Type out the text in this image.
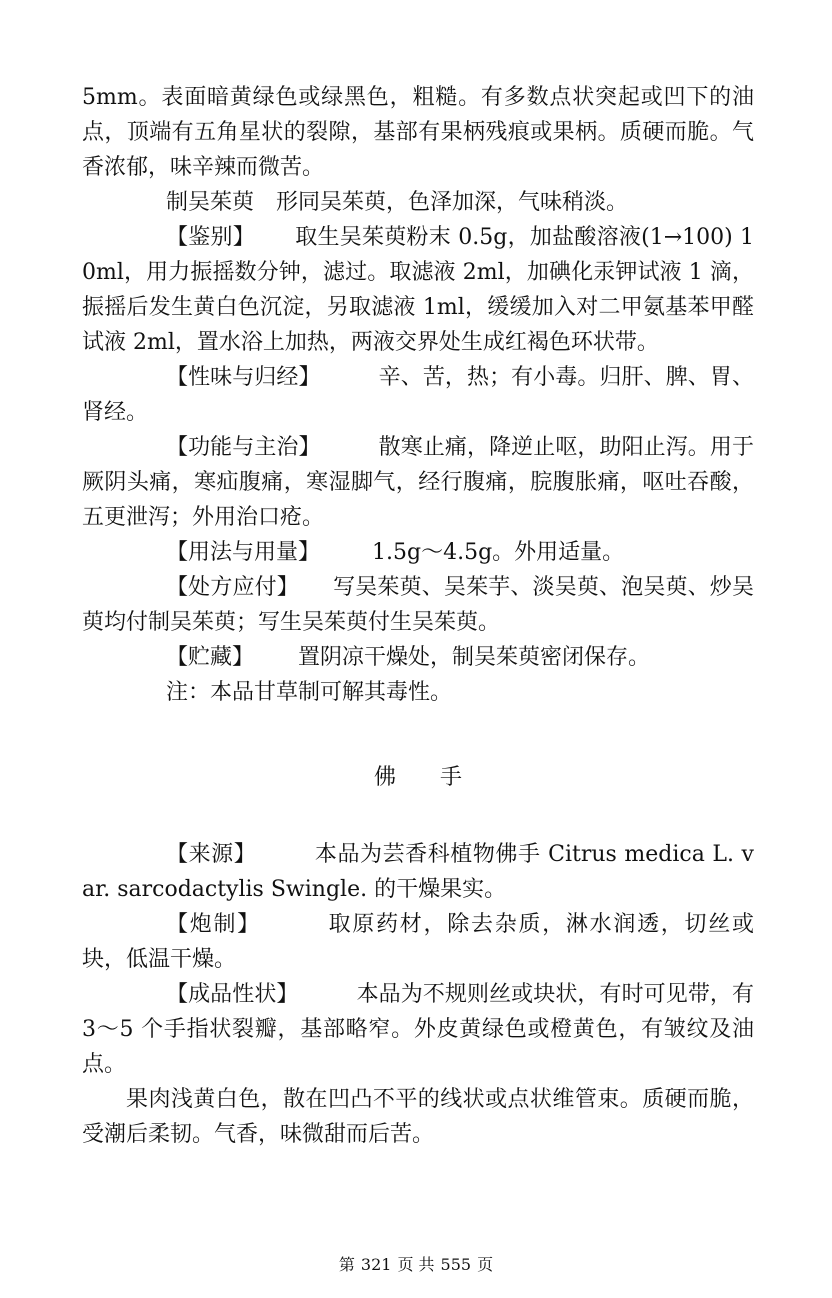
5mm。表面暗黄绿色或绿黑色，粗糙。有多数点状突起或凹下的油点，顶端有五角星状的裂隙，基部有果柄残痕或果柄。质硬而脆。气香浓郁，味辛辣而微苦。

制吴茱萸　形同吴茱萸，色泽加深，气味稍淡。

【鉴别】 取生吴茱萸粉末 0.5g，加盐酸溶液(1→100) 10ml，用力振摇数分钟，滤过。取滤液 2ml，加碘化汞钾试液 1 滴，振摇后发生黄白色沉淀，另取滤液 1ml，缓缓加入对二甲氨基苯甲醛试液 2ml，置水浴上加热，两液交界处生成红褐色环状带。

【性味与归经】	辛、苦，热；有小毒。归肝、脾、胃、肾经。

【功能与主治】	散寒止痛，降逆止呕，助阳止泻。用于厥阴头痛，寒疝腹痛，寒湿脚气，经行腹痛，脘腹胀痛，呕吐吞酸，五更泄泻；外用治口疮。

【用法与用量】 1.5g～4.5g。外用适量。

【处方应付】 写吴茱萸、吴茱芋、淡吴萸、泡吴萸、炒吴萸均付制吴茱萸；写生吴茱萸付生吴茱萸。

【贮藏】 置阴凉干燥处，制吴茱萸密闭保存。

注：本品甘草制可解其毒性。

佛 手

【来源】	本品为芸香科植物佛手 Citrus medica L. var. sarcodactylis Swingle. 的干燥果实。

【炮制】	取原药材，除去杂质，淋水润透，切丝或块，低温干燥。

【成品性状】	本品为不规则丝或块状，有时可见带，有 3～5 个手指状裂瓣，基部略窄。外皮黄绿色或橙黄色，有皱纹及油点。

果肉浅黄白色，散在凹凸不平的线状或点状维管束。质硬而脆，受潮后柔韧。气香，味微甜而后苦。

第 321 页 共 555 页
